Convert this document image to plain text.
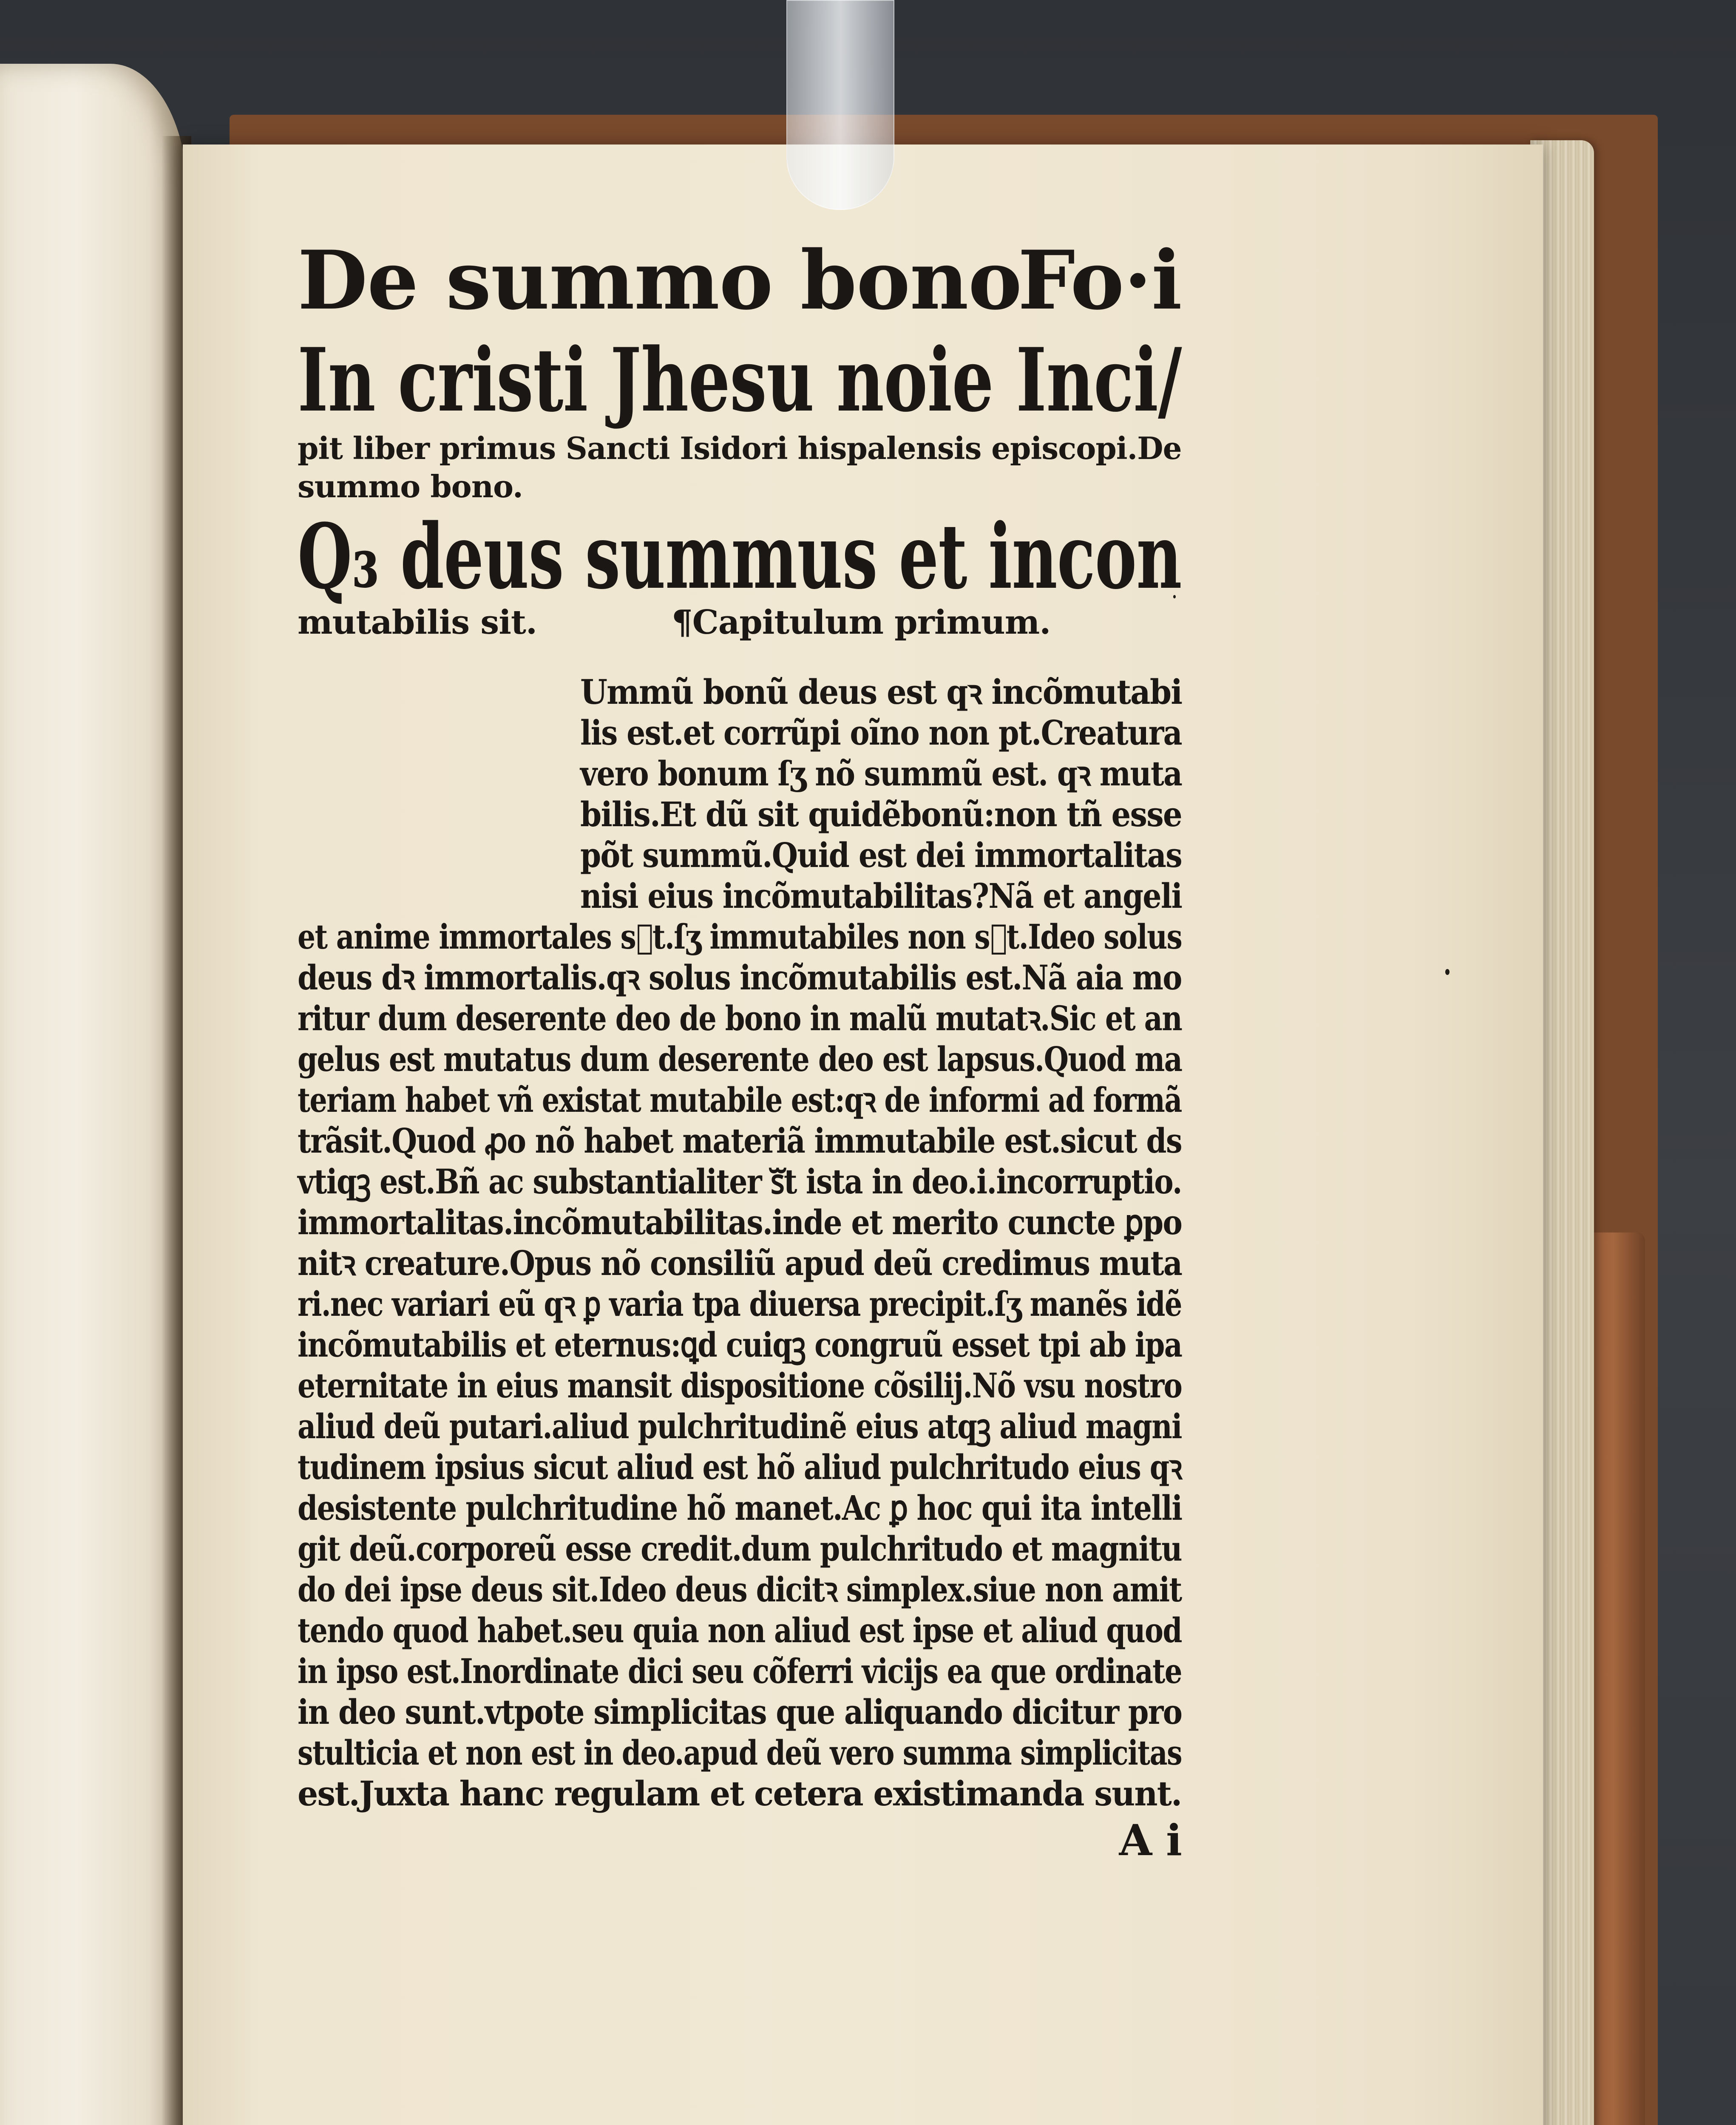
De summo bono
Fo·i
In cristi Jhesu noie Inci/
pit liber primus Sancti Isidori hispalensis episcopi.De
summo bono.
Q₃ deus summus et incon
mutabilis sit.	¶Capitulum primum.
Ummũ bonũ deus est qꝛ incõmutabi
lis est.et corrũpi oĩno non pt.Creatura
vero bonum ſʒ nõ summũ est. qꝛ muta
bilis.Et dũ sit quidẽbonũ:non tñ esse
põt summũ.Quid est dei immortalitas
nisi eius incõmutabilitas?Nã et angeli
et anime immortales sᷓt.ſʒ immutabiles non sᷓt.Ideo solus
deus dꝛ immortalis.qꝛ solus incõmutabilis est.Nã aia mo
ritur dum deserente deo de bono in malũ mutatꝛ.Sic et an
gelus est mutatus dum deserente deo est lapsus.Quod ma
teriam habet vñ existat mutabile est:qꝛ de informi ad formã
trãsit.Quod ꝓo nõ habet materiã immutabile est.sicut ds
vtiqꝫ est.Bñ ac substantialiter sᷓt ista in deo.i.incorruptio.
immortalitas.incõmutabilitas.inde et merito cuncte ꝑpo
nitꝛ creature.Opus nõ consiliũ apud deũ credimus muta
ri.nec variari eũ qꝛ ꝑ varia tpa diuersa precipit.ſʒ manẽs idẽ
incõmutabilis et eternus:ꝗd cuiqꝫ congruũ esset tpi ab ipa
eternitate in eius mansit dispositione cõsilij.Nõ vsu nostro
aliud deũ putari.aliud pulchritudinẽ eius atqꝫ aliud magni
tudinem ipsius sicut aliud est hõ aliud pulchritudo eius qꝛ
desistente pulchritudine hõ manet.Ac ꝑ hoc qui ita intelli
git deũ.corporeũ esse credit.dum pulchritudo et magnitu
do dei ipse deus sit.Ideo deus dicitꝛ simplex.siue non amit
tendo quod habet.seu quia non aliud est ipse et aliud quod
in ipso est.Inordinate dici seu cõferri vicijs ea que ordinate
in deo sunt.vtpote simplicitas que aliquando dicitur pro
stulticia et non est in deo.apud deũ vero summa simplicitas
est.Juxta hanc regulam et cetera existimanda sunt.
A i
